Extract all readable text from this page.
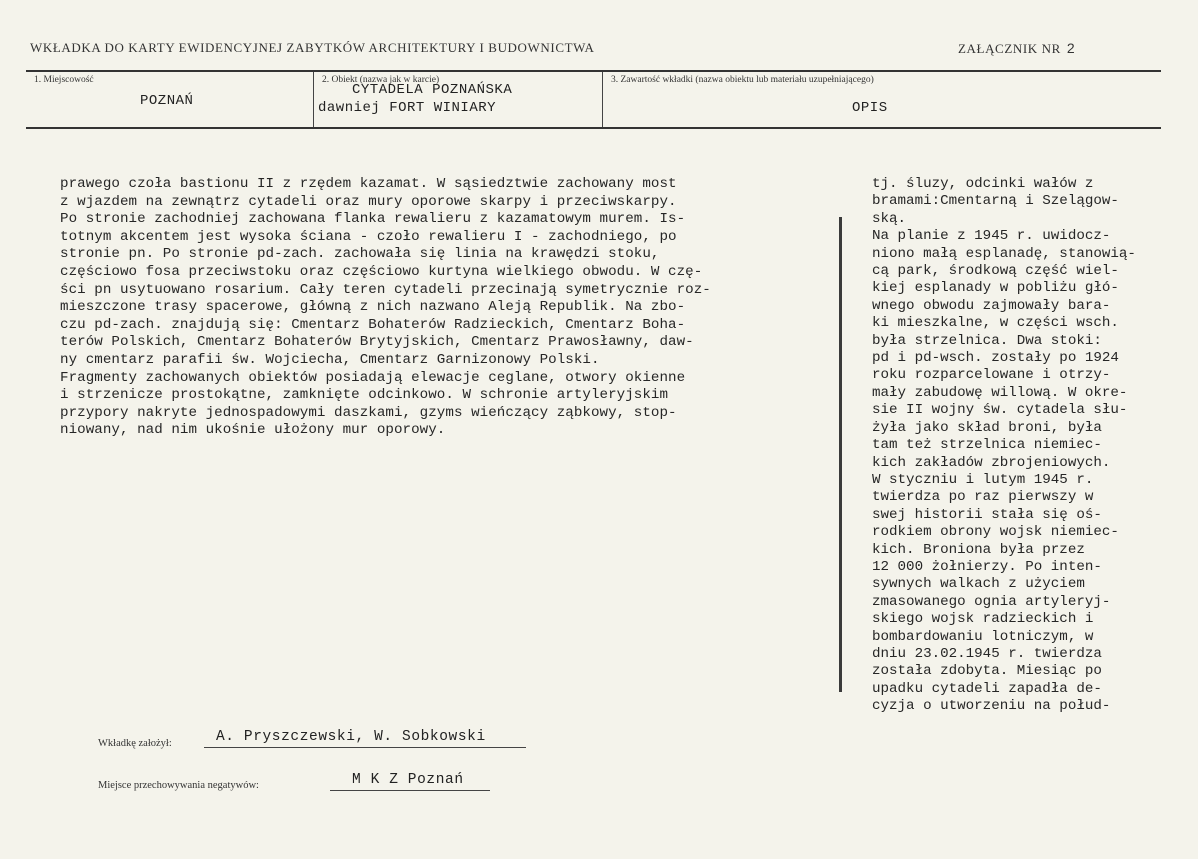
WKŁADKA DO KARTY EWIDENCYJNEJ ZABYTKÓW ARCHITEKTURY I BUDOWNICTWA	ZAŁĄCZNIK NR 2
1. Miejscowość
POZNAŃ
2. Obiekt (nazwa jak w karcie)
CYTADELA POZNAŃSKA
dawniej FORT WINIARY
3. Zawartość wkładki (nazwa obiektu lub materiału uzupełniającego)
OPIS
prawego czoła bastionu II z rzędem kazamat. W sąsiedztwie zachowany most
z wjazdem na zewnątrz cytadeli oraz mury oporowe skarpy i przeciwskarpy.
Po stronie zachodniej zachowana flanka rewalieru z kazamatowym murem. Is-
totnym akcentem jest wysoka ściana - czoło rewalieru I - zachodniego, po
stronie pn. Po stronie pd-zach. zachowała się linia na krawędzi stoku,
częściowo fosa przeciwstoku oraz częściowo kurtyna wielkiego obwodu. W czę-
ści pn usytuowano rosarium. Cały teren cytadeli przecinają symetrycznie roz-
mieszczone trasy spacerowe, główną z nich nazwano Aleją Republik. Na zbo-
czu pd-zach. znajdują się: Cmentarz Bohaterów Radzieckich, Cmentarz Boha-
terów Polskich, Cmentarz Bohaterów Brytyjskich, Cmentarz Prawosławny, daw-
ny cmentarz parafii św. Wojciecha, Cmentarz Garnizonowy Polski.
Fragmenty zachowanych obiektów posiadają elewacje ceglane, otwory okienne
i strzenicze prostokątne, zamknięte odcinkowo. W schronie artyleryjskim
przypory nakryte jednospadowymi daszkami, gzyms wieńczący ząbkowy, stop-
niowany, nad nim ukośnie ułożony mur oporowy.
tj. śluzy, odcinki wałów z
bramami:Cmentarną i Szelągow-
ską.
Na planie z 1945 r. uwidocz-
niono małą esplanadę, stanowią-
cą park, środkową część wiel-
kiej esplanady w pobliżu głó-
wnego obwodu zajmowały bara-
ki mieszkalne, w części wsch.
była strzelnica. Dwa stoki:
pd i pd-wsch. zostały po 1924
roku rozparcelowane i otrzy-
mały zabudowę willową. W okre-
sie II wojny św. cytadela słu-
żyła jako skład broni, była
tam też strzelnica niemiec-
kich zakładów zbrojeniowych.
W styczniu i lutym 1945 r.
twierdza po raz pierwszy w
swej historii stała się oś-
rodkiem obrony wojsk niemiec-
kich. Broniona była przez
12 000 żołnierzy. Po inten-
sywnych walkach z użyciem
zmasowanego ognia artyleryj-
skiego wojsk radzieckich i
bombardowaniu lotniczym, w
dniu 23.02.1945 r. twierdza
została zdobyta. Miesiąc po
upadku cytadeli zapadła de-
cyzja o utworzeniu na połud-
Wkładkę założył:	A. Pryszczewski, W. Sobkowski
Miejsce przechowywania negatywów:	M K Z Poznań
